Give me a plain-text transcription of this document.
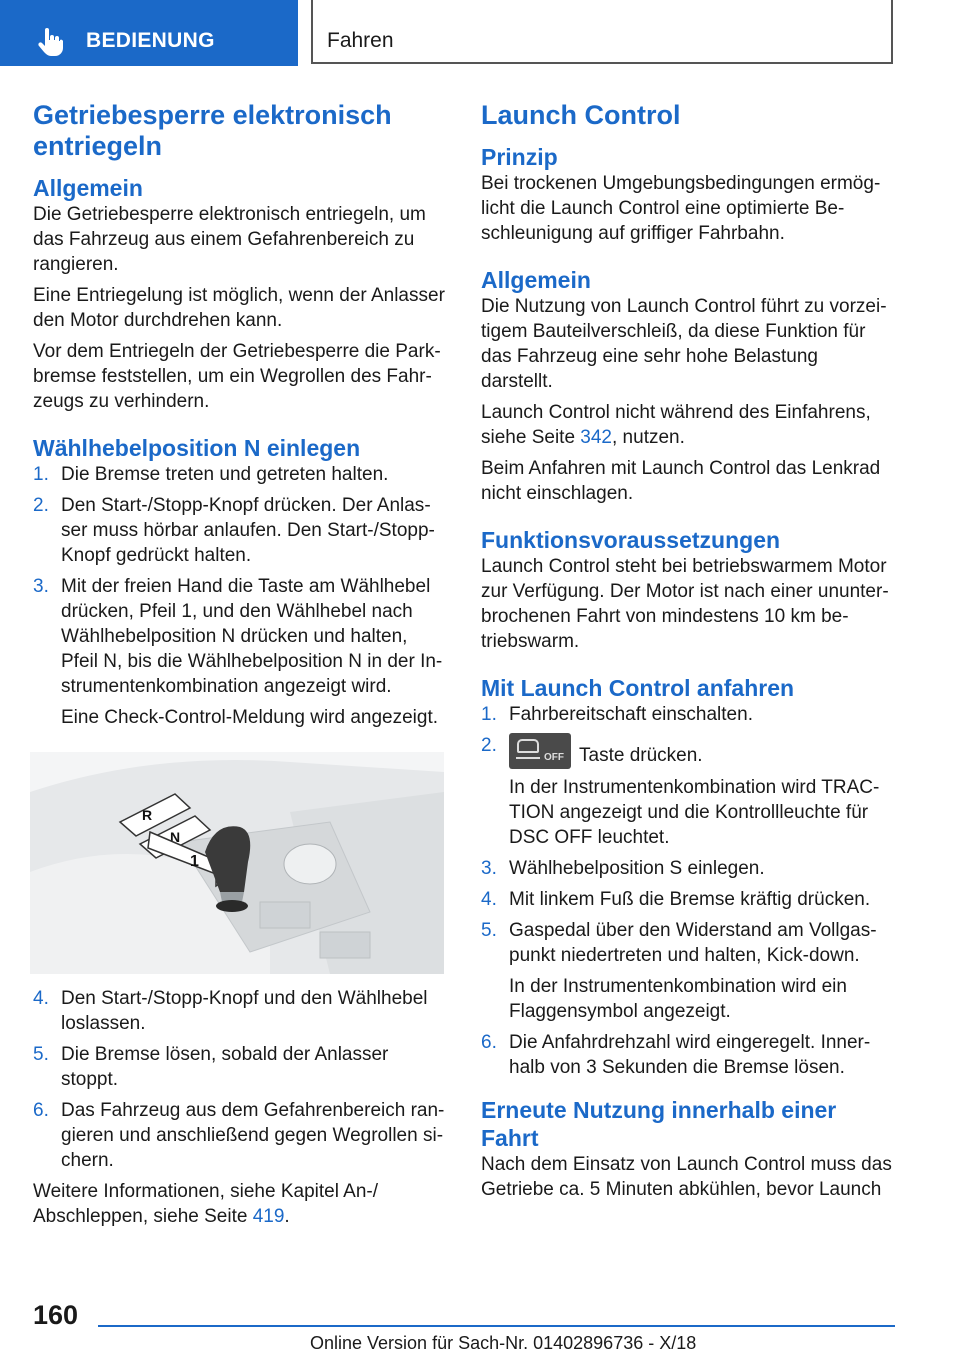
BEDIENUNG	Fahren
Getriebesperre elektronisch entriegeln
Allgemein

Die Getriebesperre elektronisch entriegeln, um das Fahrzeug aus einem Gefahrenbereich zu rangieren.

Eine Entriegelung ist möglich, wenn der Anlasser den Motor durchdrehen kann.

Vor dem Entriegeln der Getriebesperre die Parkbremse feststellen, um ein Wegrollen des Fahrzeugs zu verhindern.

Wählhebelposition N einlegen
1. Die Bremse treten und getreten halten.
2. Den Start-/Stopp-Knopf drücken. Der Anlasser muss hörbar anlaufen. Den Start-/Stopp-Knopf gedrückt halten.
3. Mit der freien Hand die Taste am Wählhebel drücken, Pfeil 1, und den Wählhebel nach Wählhebelposition N drücken und halten, Pfeil N, bis die Wählhebelposition N in der Instrumentenkombination angezeigt wird.
Eine Check-Control-Meldung wird angezeigt.
R
N
1
4. Den Start-/Stopp-Knopf und den Wählhebel loslassen.
5. Die Bremse lösen, sobald der Anlasser stoppt.
6. Das Fahrzeug aus dem Gefahrenbereich rangieren und anschließend gegen Wegrollen sichern.

Weitere Informationen, siehe Kapitel An-/ Abschleppen, siehe Seite 419.

Launch Control
Prinzip

Bei trockenen Umgebungsbedingungen ermöglicht die Launch Control eine optimierte Beschleunigung auf griffiger Fahrbahn.

Allgemein

Die Nutzung von Launch Control führt zu vorzeitigem Bauteilverschleiß, da diese Funktion für das Fahrzeug eine sehr hohe Belastung darstellt.

Launch Control nicht während des Einfahrens, siehe Seite 342, nutzen.

Beim Anfahren mit Launch Control das Lenkrad nicht einschlagen.

Funktionsvoraussetzungen

Launch Control steht bei betriebswarmem Motor zur Verfügung. Der Motor ist nach einer ununterbrochenen Fahrt von mindestens 10 km betriebswarm.

Mit Launch Control anfahren
1. Fahrbereitschaft einschalten.
2.
OFF Taste drücken.
In der Instrumentenkombination wird TRACTION angezeigt und die Kontrollleuchte für DSC OFF leuchtet.
3. Wählhebelposition S einlegen.
4. Mit linkem Fuß die Bremse kräftig drücken.
5. Gaspedal über den Widerstand am Vollgaspunkt niedertreten und halten, Kick-down.
In der Instrumentenkombination wird ein Flaggensymbol angezeigt.
6. Die Anfahrdrehzahl wird eingeregelt. Innerhalb von 3 Sekunden die Bremse lösen.
Erneute Nutzung innerhalb einer Fahrt

Nach dem Einsatz von Launch Control muss das Getriebe ca. 5 Minuten abkühlen, bevor Launch

160
Online Version für Sach-Nr. 01402896736 - X/18
